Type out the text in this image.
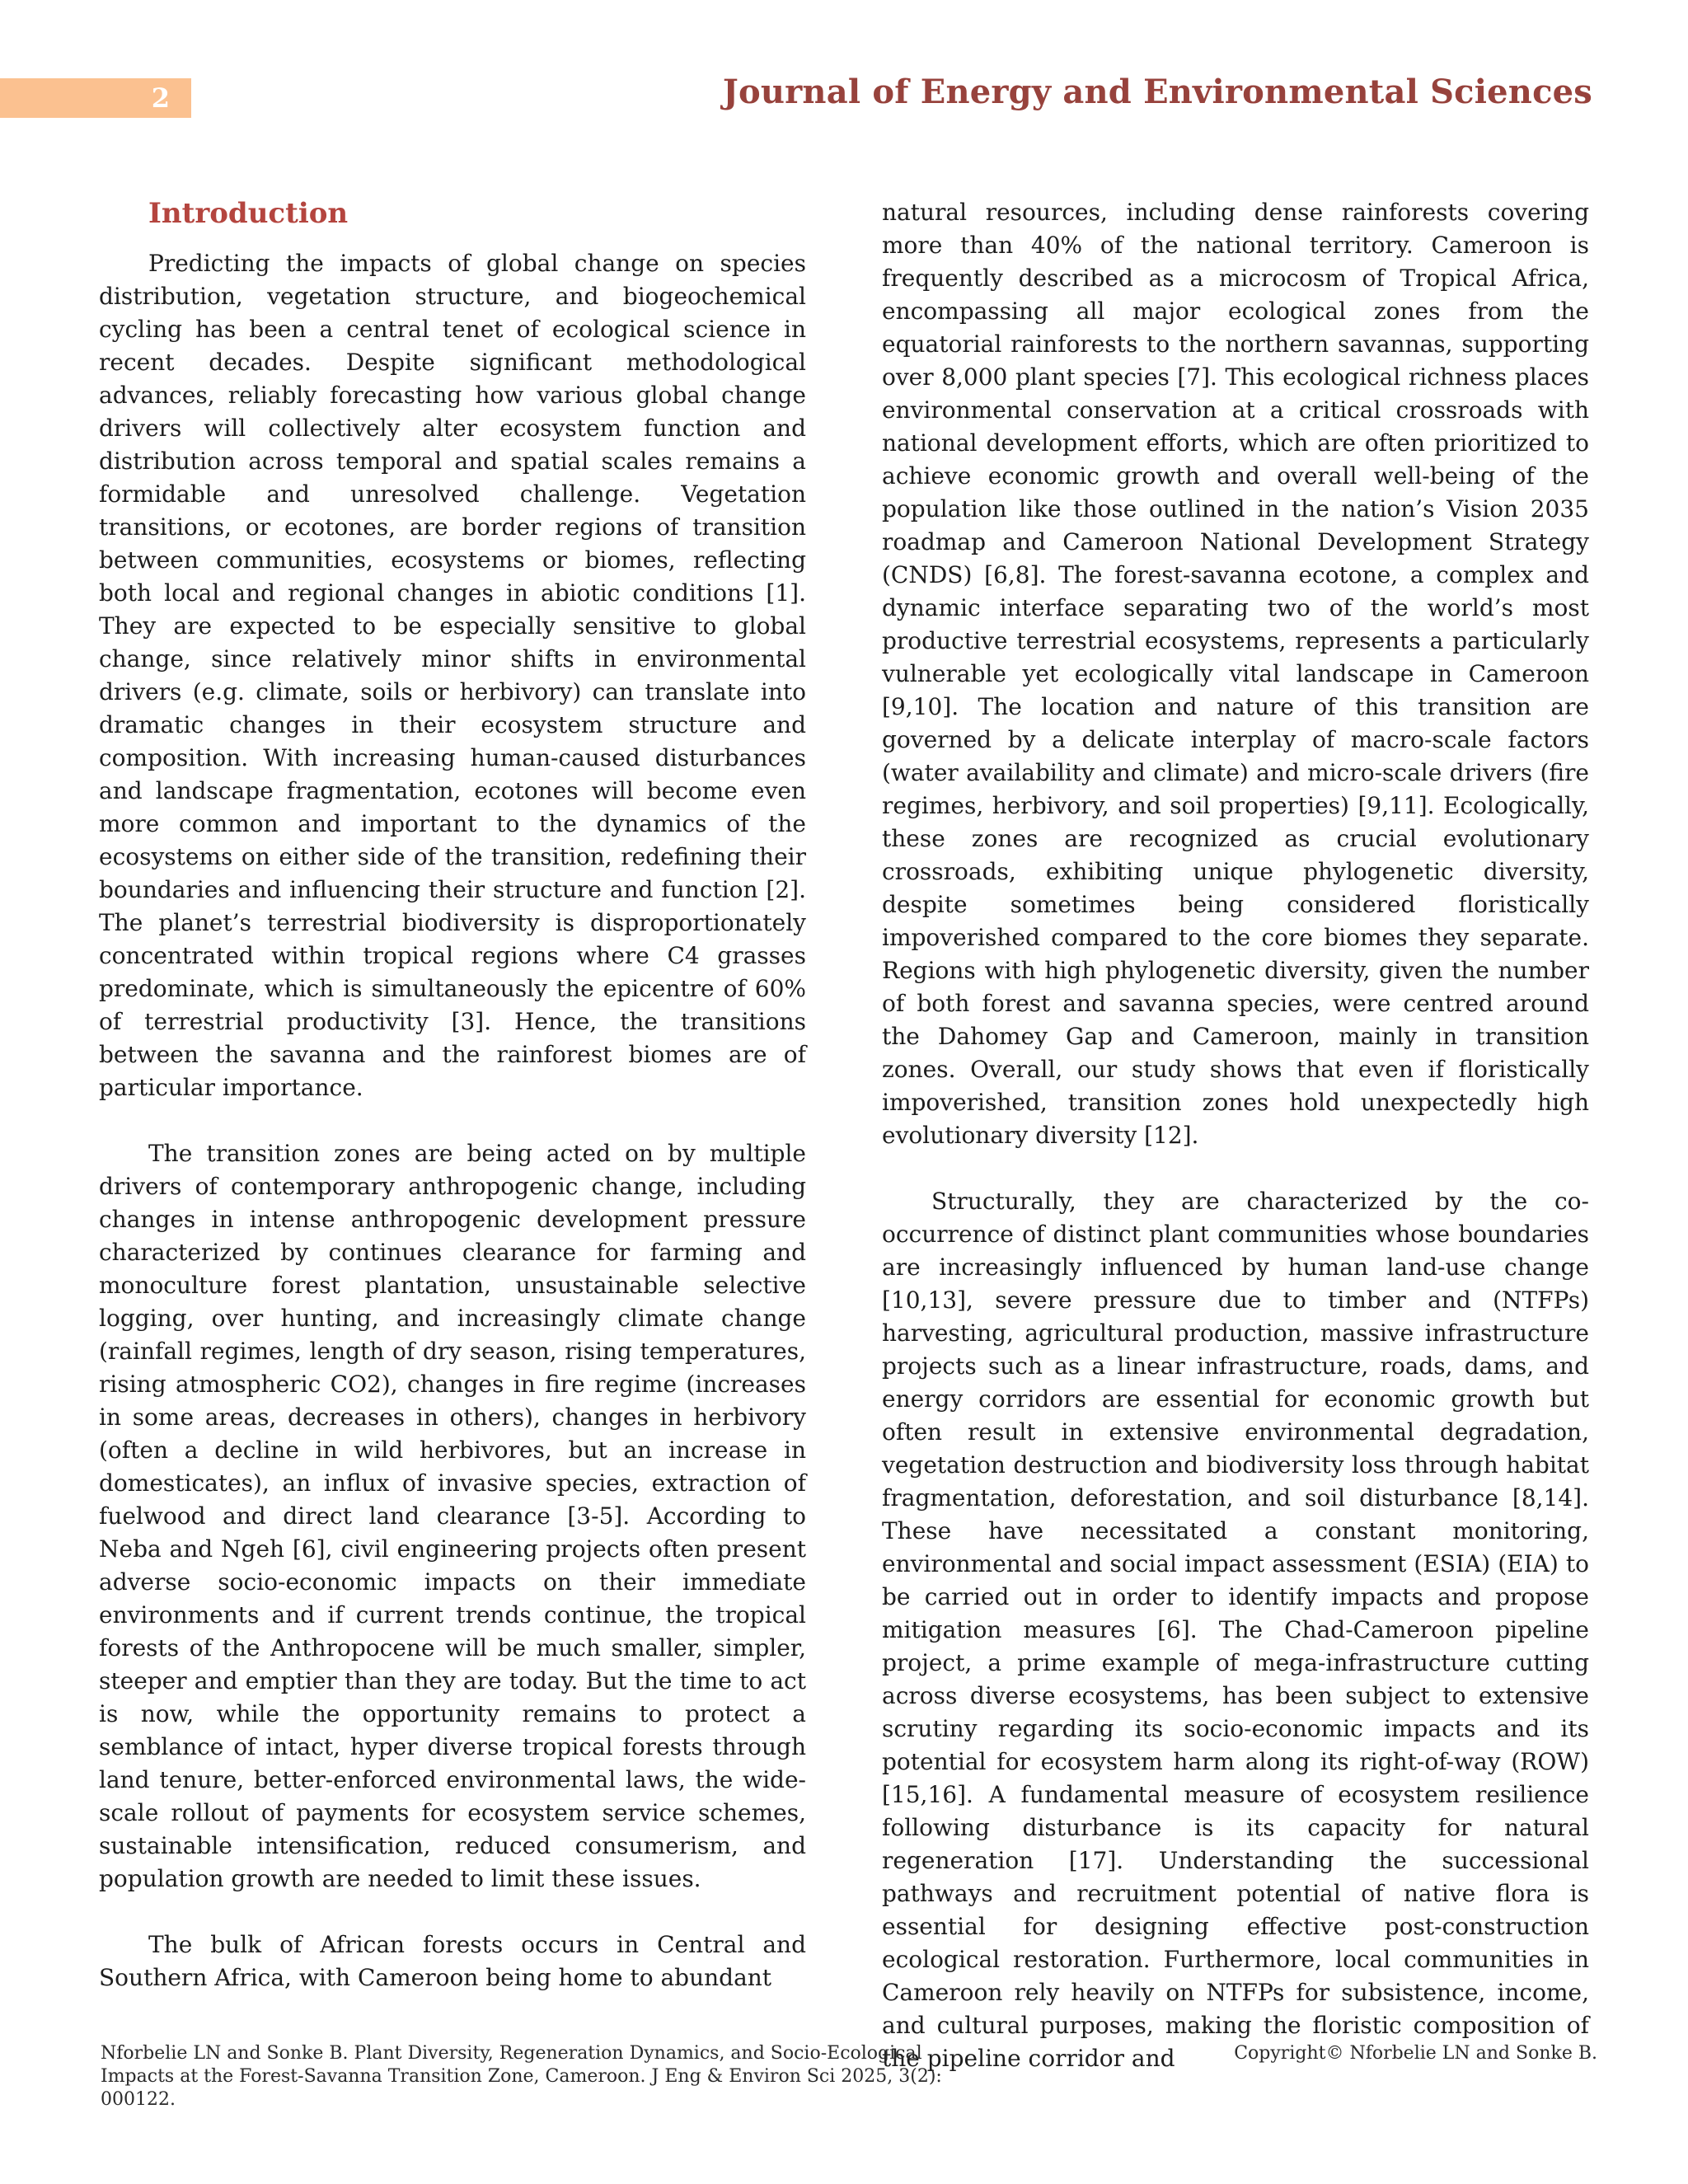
2	Journal of Energy and Environmental Sciences
Introduction

Predicting the impacts of global change on species distribution, vegetation structure, and biogeochemical cycling has been a central tenet of ecological science in recent decades. Despite significant methodological advances, reliably forecasting how various global change drivers will collectively alter ecosystem function and distribution across temporal and spatial scales remains a formidable and unresolved challenge. Vegetation transitions, or ecotones, are border regions of transition between communities, ecosystems or biomes, reflecting both local and regional changes in abiotic conditions [1]. They are expected to be especially sensitive to global change, since relatively minor shifts in environmental drivers (e.g. climate, soils or herbivory) can translate into dramatic changes in their ecosystem structure and composition. With increasing human-caused disturbances and landscape fragmentation, ecotones will become even more common and important to the dynamics of the ecosystems on either side of the transition, redefining their boundaries and influencing their structure and function [2]. The planet’s terrestrial biodiversity is disproportionately concentrated within tropical regions where C4 grasses predominate, which is simultaneously the epicentre of 60% of terrestrial productivity [3]. Hence, the transitions between the savanna and the rainforest biomes are of particular importance.

The transition zones are being acted on by multiple drivers of contemporary anthropogenic change, including changes in intense anthropogenic development pressure characterized by continues clearance for farming and monoculture forest plantation, unsustainable selective logging, over hunting, and increasingly climate change (rainfall regimes, length of dry season, rising temperatures, rising atmospheric CO2), changes in fire regime (increases in some areas, decreases in others), changes in herbivory (often a decline in wild herbivores, but an increase in domesticates), an influx of invasive species, extraction of fuelwood and direct land clearance [3-5]. According to Neba and Ngeh [6], civil engineering projects often present adverse socio-economic impacts on their immediate environments and if current trends continue, the tropical forests of the Anthropocene will be much smaller, simpler, steeper and emptier than they are today. But the time to act is now, while the opportunity remains to protect a semblance of intact, hyper diverse tropical forests through land tenure, better-enforced environmental laws, the wide-scale rollout of payments for ecosystem service schemes, sustainable intensification, reduced consumerism, and population growth are needed to limit these issues.

The bulk of African forests occurs in Central and Southern Africa, with Cameroon being home to abundant

natural resources, including dense rainforests covering more than 40% of the national territory. Cameroon is frequently described as a microcosm of Tropical Africa, encompassing all major ecological zones from the equatorial rainforests to the northern savannas, supporting over 8,000 plant species [7]. This ecological richness places environmental conservation at a critical crossroads with national development efforts, which are often prioritized to achieve economic growth and overall well-being of the population like those outlined in the nation’s Vision 2035 roadmap and Cameroon National Development Strategy (CNDS) [6,8]. The forest-savanna ecotone, a complex and dynamic interface separating two of the world’s most productive terrestrial ecosystems, represents a particularly vulnerable yet ecologically vital landscape in Cameroon [9,10]. The location and nature of this transition are governed by a delicate interplay of macro-scale factors (water availability and climate) and micro-scale drivers (fire regimes, herbivory, and soil properties) [9,11]. Ecologically, these zones are recognized as crucial evolutionary crossroads, exhibiting unique phylogenetic diversity, despite sometimes being considered floristically impoverished compared to the core biomes they separate. Regions with high phylogenetic diversity, given the number of both forest and savanna species, were centred around the Dahomey Gap and Cameroon, mainly in transition zones. Overall, our study shows that even if floristically impoverished, transition zones hold unexpectedly high evolutionary diversity [12].

Structurally, they are characterized by the co-occurrence of distinct plant communities whose boundaries are increasingly influenced by human land-use change [10,13], severe pressure due to timber and (NTFPs) harvesting, agricultural production, massive infrastructure projects such as a linear infrastructure, roads, dams, and energy corridors are essential for economic growth but often result in extensive environmental degradation, vegetation destruction and biodiversity loss through habitat fragmentation, deforestation, and soil disturbance [8,14]. These have necessitated a constant monitoring, environmental and social impact assessment (ESIA) (EIA) to be carried out in order to identify impacts and propose mitigation measures [6]. The Chad-Cameroon pipeline project, a prime example of mega-infrastructure cutting across diverse ecosystems, has been subject to extensive scrutiny regarding its socio-economic impacts and its potential for ecosystem harm along its right-of-way (ROW) [15,16]. A fundamental measure of ecosystem resilience following disturbance is its capacity for natural regeneration [17]. Understanding the successional pathways and recruitment potential of native flora is essential for designing effective post-construction ecological restoration. Furthermore, local communities in Cameroon rely heavily on NTFPs for subsistence, income, and cultural purposes, making the floristic composition of the pipeline corridor and

Nforbelie LN and Sonke B. Plant Diversity, Regeneration Dynamics, and Socio-Ecological Impacts at the Forest-Savanna Transition Zone, Cameroon. J Eng & Environ Sci 2025, 3(2): 000122.
Copyright© Nforbelie LN and Sonke B.
